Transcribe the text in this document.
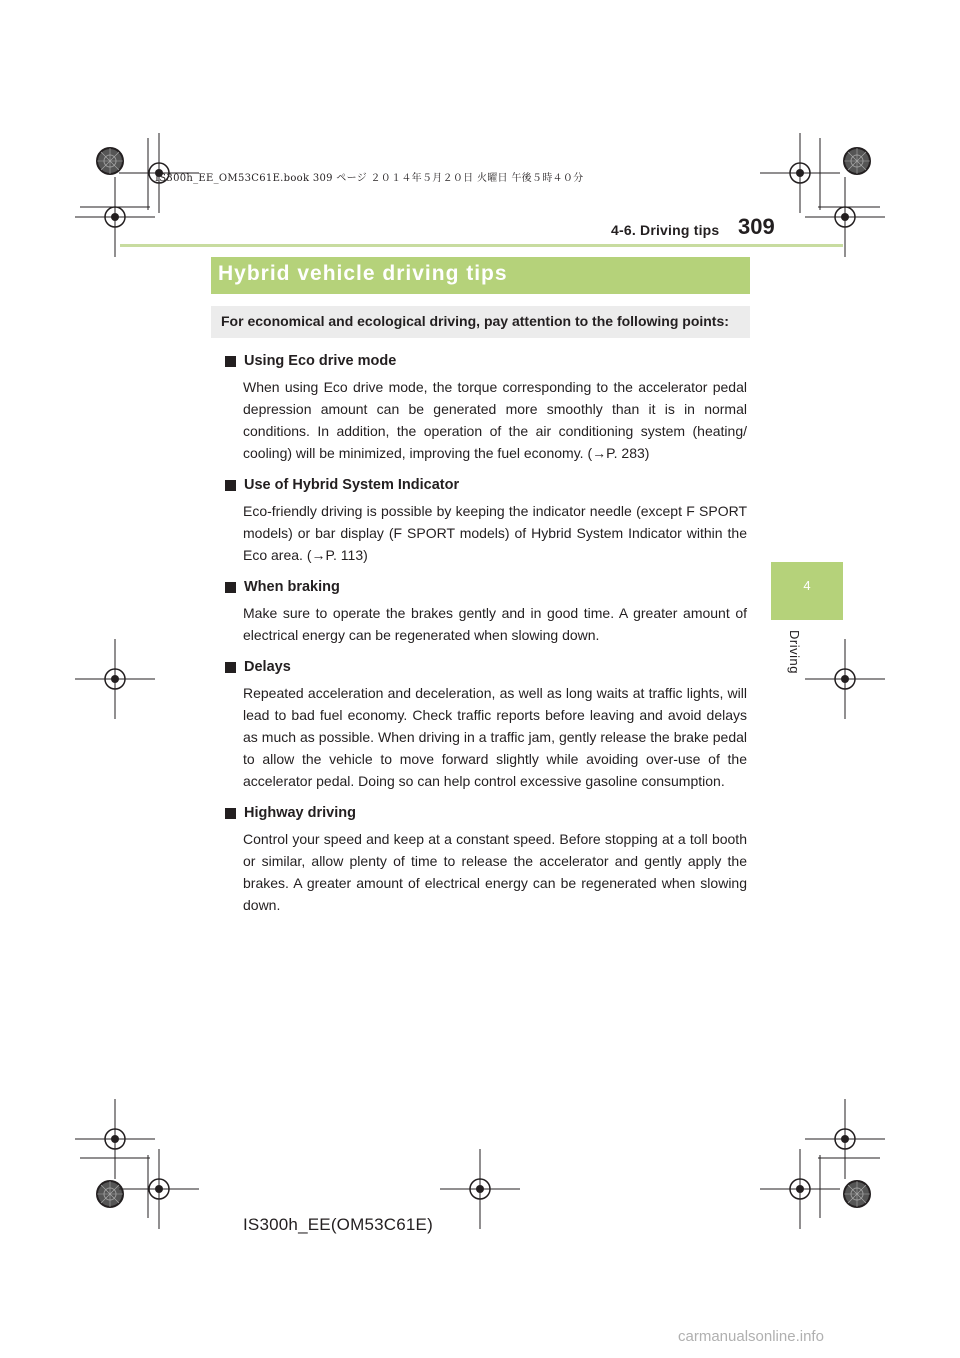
IS300h_EE_OM53C61E.book 309 ページ ２０１４年５月２０日 火曜日 午後５時４０分
4-6. Driving tips 309
4
Driving
Hybrid vehicle driving tips
For economical and ecological driving, pay attention to the following points:
Using Eco drive mode
When using Eco drive mode, the torque corresponding to the accelerator pedal depression amount can be generated more smoothly than it is in normal conditions. In addition, the operation of the air conditioning system (heating/ cooling) will be minimized, improving the fuel economy. (→P. 283)
Use of Hybrid System Indicator
Eco-friendly driving is possible by keeping the indicator needle (except F SPORT models) or bar display (F SPORT models) of Hybrid System Indicator within the Eco area. (→P. 113)
When braking
Make sure to operate the brakes gently and in good time. A greater amount of electrical energy can be regenerated when slowing down.
Delays
Repeated acceleration and deceleration, as well as long waits at traffic lights, will lead to bad fuel economy. Check traffic reports before leaving and avoid delays as much as possible. When driving in a traffic jam, gently release the brake pedal to allow the vehicle to move forward slightly while avoiding over-use of the accelerator pedal. Doing so can help control excessive gasoline consumption.
Highway driving
Control your speed and keep at a constant speed. Before stopping at a toll booth or similar, allow plenty of time to release the accelerator and gently apply the brakes. A greater amount of electrical energy can be regenerated when slowing down.
IS300h_EE(OM53C61E)
carmanualsonline.info
